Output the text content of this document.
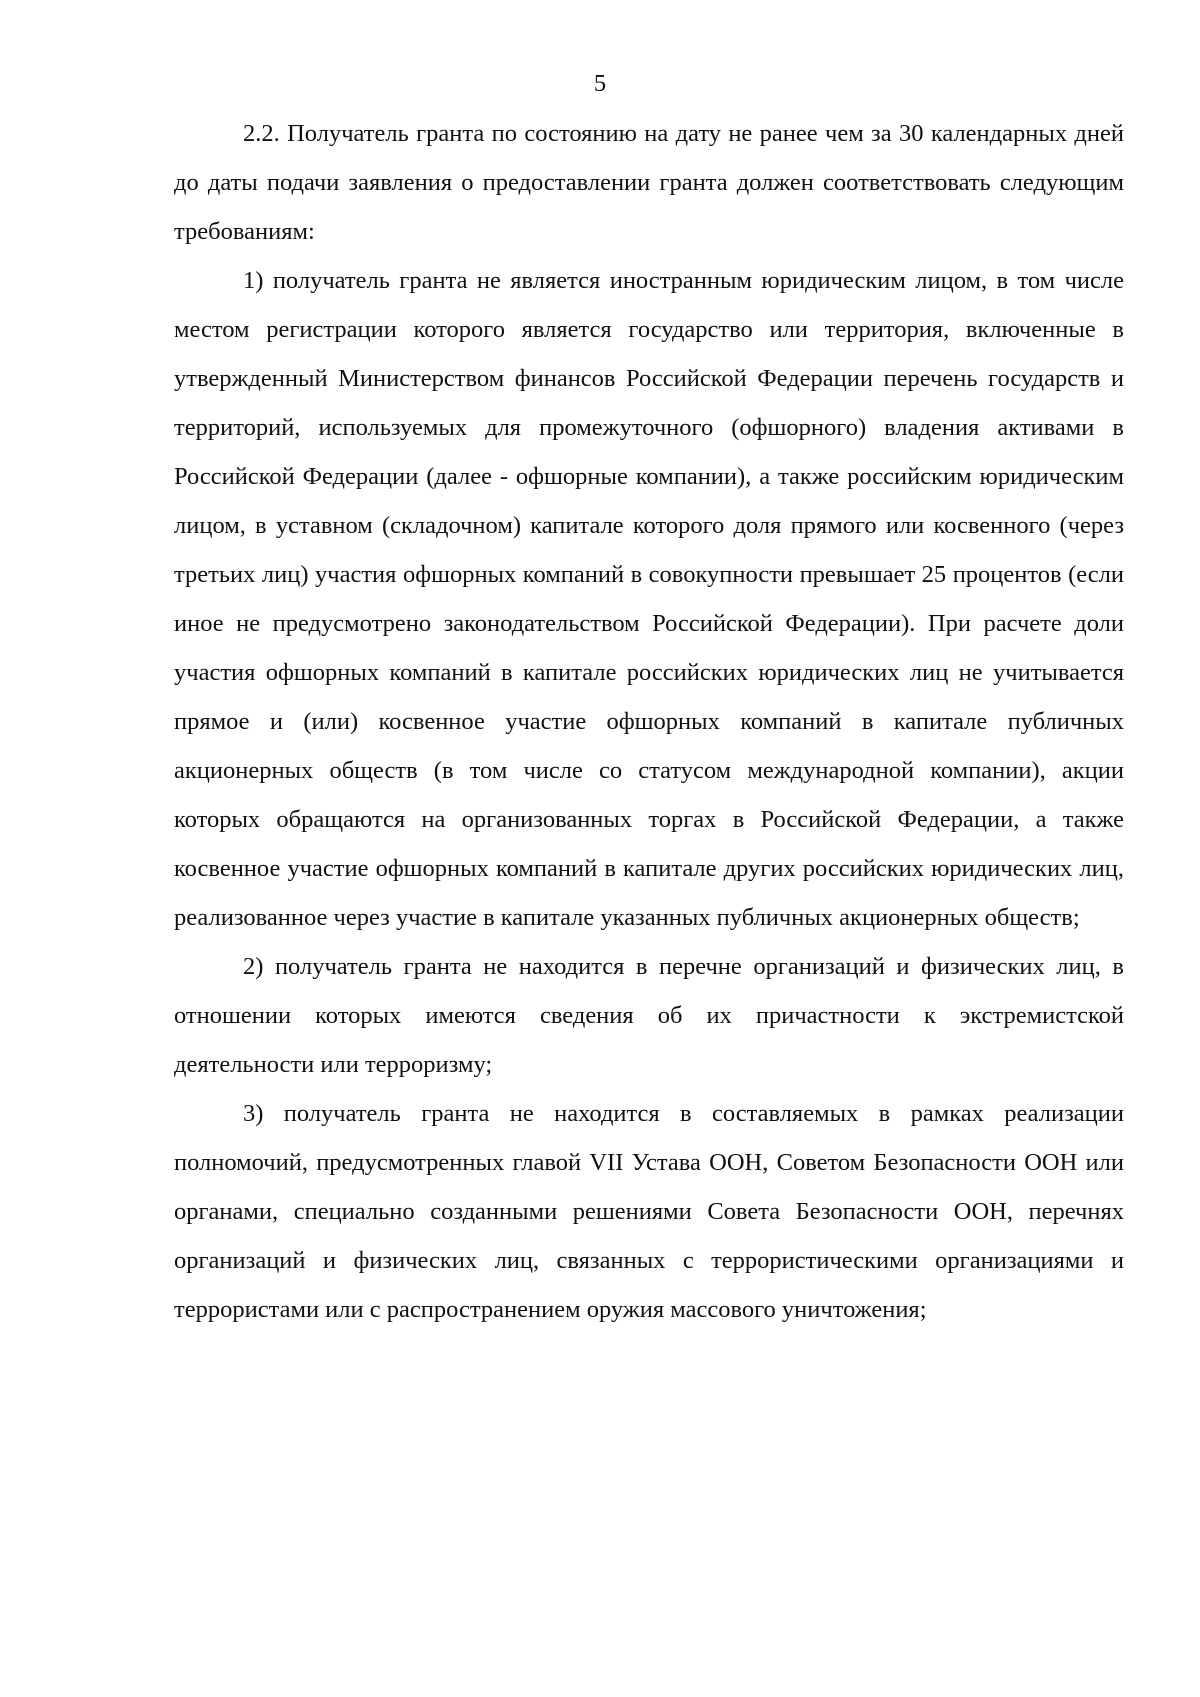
5

2.2. Получатель гранта по состоянию на дату не ранее чем за 30 календарных дней до даты подачи заявления о предоставлении гранта должен соответствовать следующим требованиям:

1) получатель гранта не является иностранным юридическим лицом, в том числе местом регистрации которого является государство или территория, включенные в утвержденный Министерством финансов Российской Федерации перечень государств и территорий, используемых для промежуточного (офшорного) владения активами в Российской Федерации (далее - офшорные компании), а также российским юридическим лицом, в уставном (складочном) капитале которого доля прямого или косвенного (через третьих лиц) участия офшорных компаний в совокупности превышает 25 процентов (если иное не предусмотрено законодательством Российской Федерации). При расчете доли участия офшорных компаний в капитале российских юридических лиц не учитывается прямое и (или) косвенное участие офшорных компаний в капитале публичных акционерных обществ (в том числе со статусом международной компании), акции которых обращаются на организованных торгах в Российской Федерации, а также косвенное участие офшорных компаний в капитале других российских юридических лиц, реализованное через участие в капитале указанных публичных акционерных обществ;

2) получатель гранта не находится в перечне организаций и физических лиц, в отношении которых имеются сведения об их причастности к экстремистской деятельности или терроризму;

3) получатель гранта не находится в составляемых в рамках реализации полномочий, предусмотренных главой VII Устава ООН, Советом Безопасности ООН или органами, специально созданными решениями Совета Безопасности ООН, перечнях организаций и физических лиц, связанных с террористическими организациями и террористами или с распространением оружия массового уничтожения;
